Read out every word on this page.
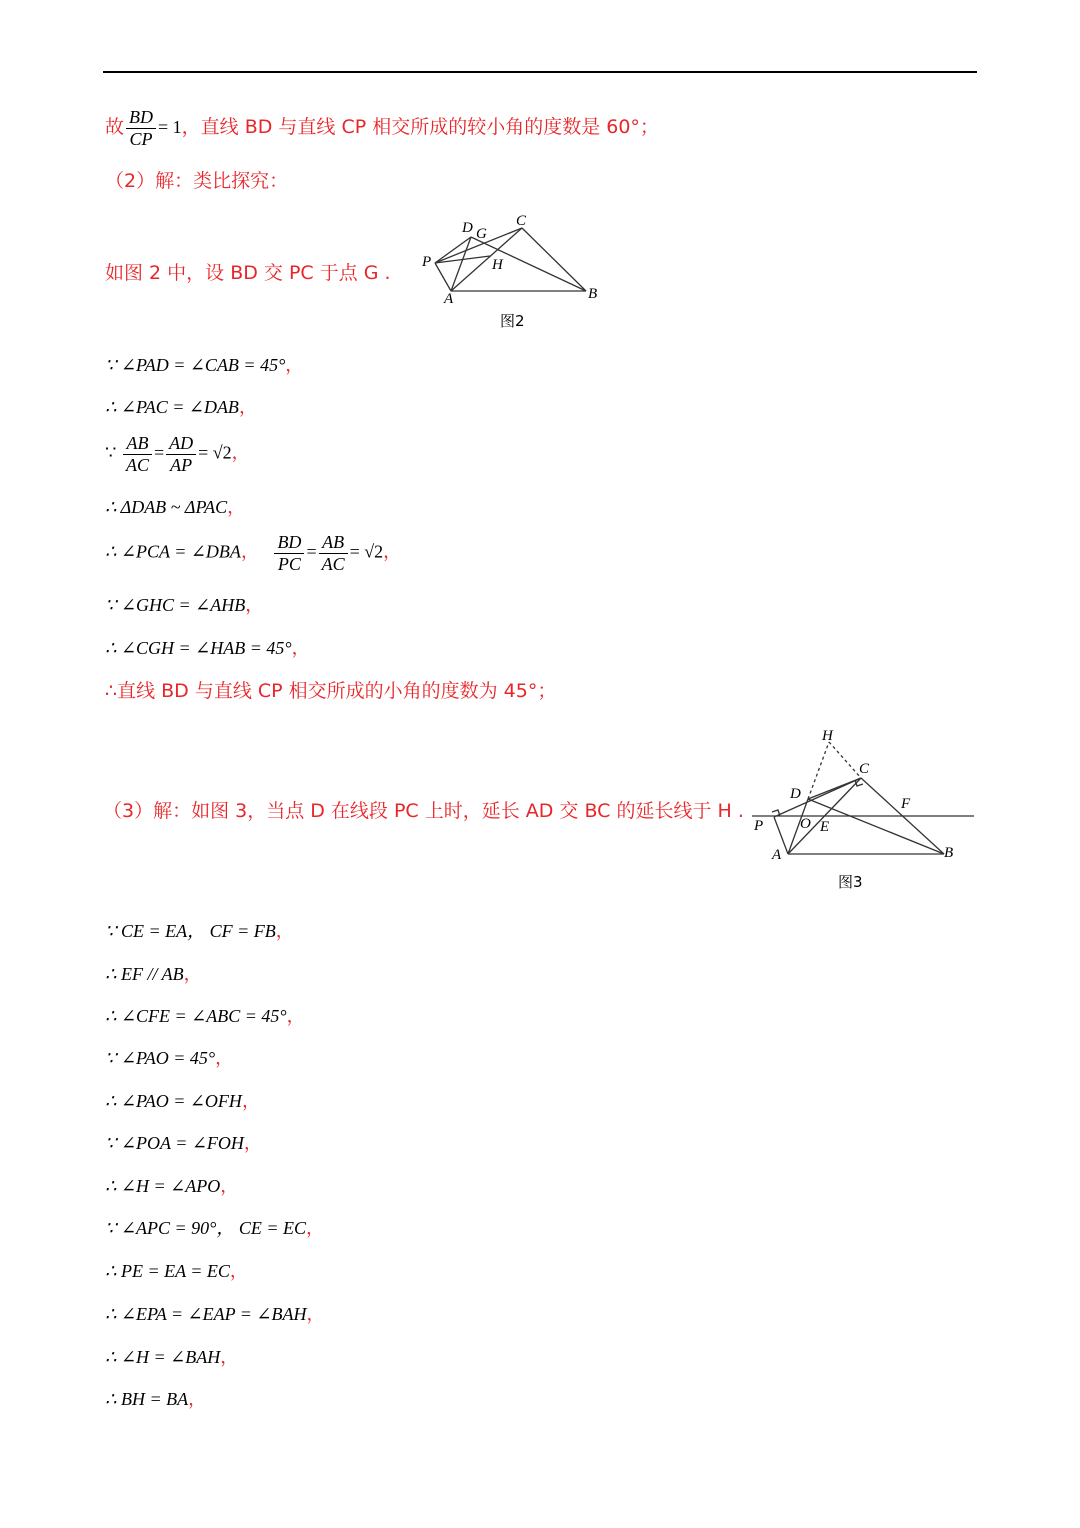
故 $\frac{BD}{CP} = 1$，直线 BD 与直线 CP 相交所成的较小角的度数是 60°；
（2）解：类比探究：
如图 2 中，设 BD 交 PC 于点 G .
D G
C
P	H
A	B
图2
∵ ∠PAD = ∠CAB = 45°，
∴ ∠PAC = ∠DAB，
∵ $\frac{AB}{AC} = \frac{AD}{AP} = √2$，
∴ ΔDAB ~ ΔPAC，
∴ ∠PCA = ∠DBA， $\frac{BD}{PC} = \frac{AB}{AC} = √2$，
∵ ∠GHC = ∠AHB，
∴ ∠CGH = ∠HAB = 45°，
∴直线 BD 与直线 CP 相交所成的小角的度数为 45°；
（3）解：如图 3，当点 D 在线段 PC 上时，延长 AD 交 BC 的延长线于 H .
H
C
D
F
P O E
A	B
图3
∵ CE = EA， CF = FB，
∴ EF // AB，
∴ ∠CFE = ∠ABC = 45°，
∵ ∠PAO = 45°，
∴ ∠PAO = ∠OFH，
∵ ∠POA = ∠FOH，
∴ ∠H = ∠APO，
∵ ∠APC = 90°， CE = EC，
∴ PE = EA = EC，
∴ ∠EPA = ∠EAP = ∠BAH，
∴ ∠H = ∠BAH，
∴ BH = BA，
